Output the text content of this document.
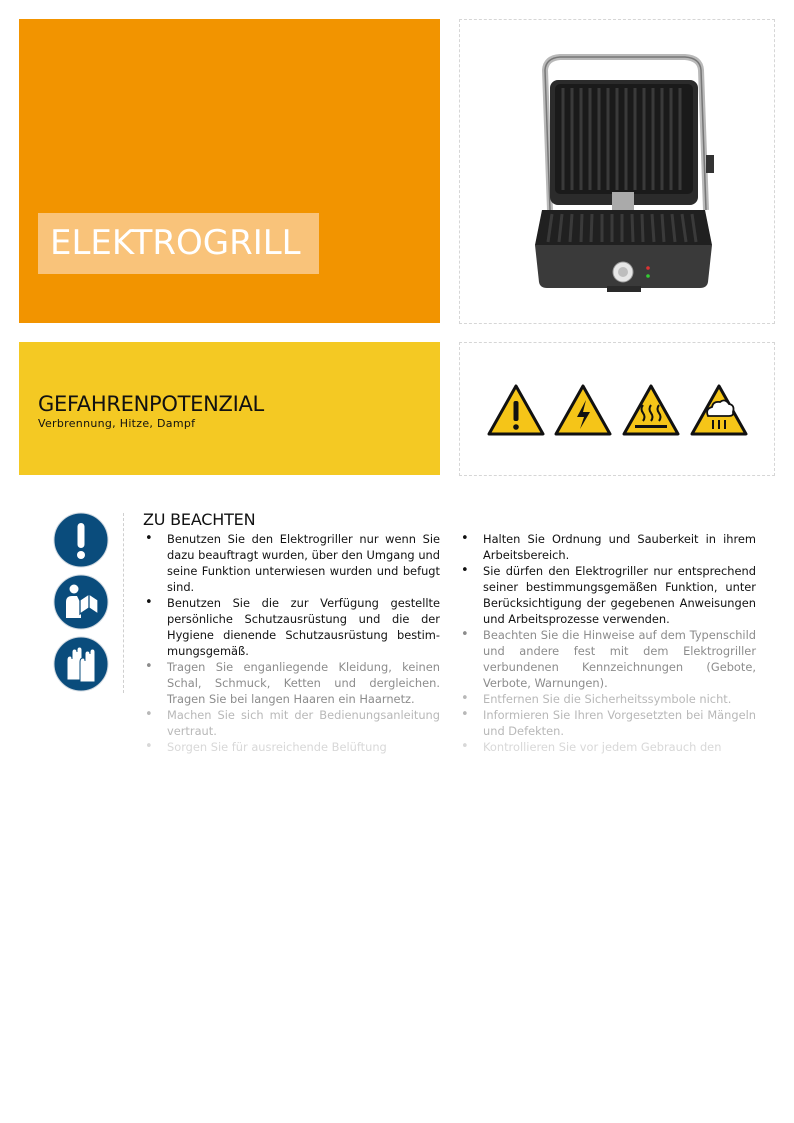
ELEKTROGRILL
GEFAHRENPOTENZIAL
Verbrennung, Hitze, Dampf
ZU BEACHTEN
• Benutzen Sie den Elektrogriller nur wenn Sie dazu beauftragt wurden, über den Umgang und seine Funktion unterwiesen wurden und befugt sind.
• Benutzen Sie die zur Verfügung gestellte persönliche Schutzausrüstung und die der Hygiene dienende Schutzausrüstung bestimmungsgemäß.
• Tragen Sie enganliegende Kleidung, keinen Schal, Schmuck, Ketten und dergleichen. Tragen Sie bei langen Haaren ein Haarnetz.
• Machen Sie sich mit der Bedienungsanleitung vertraut.
• Sorgen Sie für ausreichende Belüftung
• Halten Sie Ordnung und Sauberkeit in ihrem Arbeitsbereich.
• Sie dürfen den Elektrogriller nur entsprechend seiner bestimmungsgemäßen Funktion, unter Berücksichtigung der gegebenen Anweisungen und Arbeitsprozesse verwenden.
• Beachten Sie die Hinweise auf dem Typenschild und andere fest mit dem Elektrogriller verbundenen Kennzeichnungen (Gebote, Verbote, Warnungen).
• Entfernen Sie die Sicherheitssymbole nicht.
• Informieren Sie Ihren Vorgesetzten bei Mängeln und Defekten.
• Kontrollieren Sie vor jedem Gebrauch den
